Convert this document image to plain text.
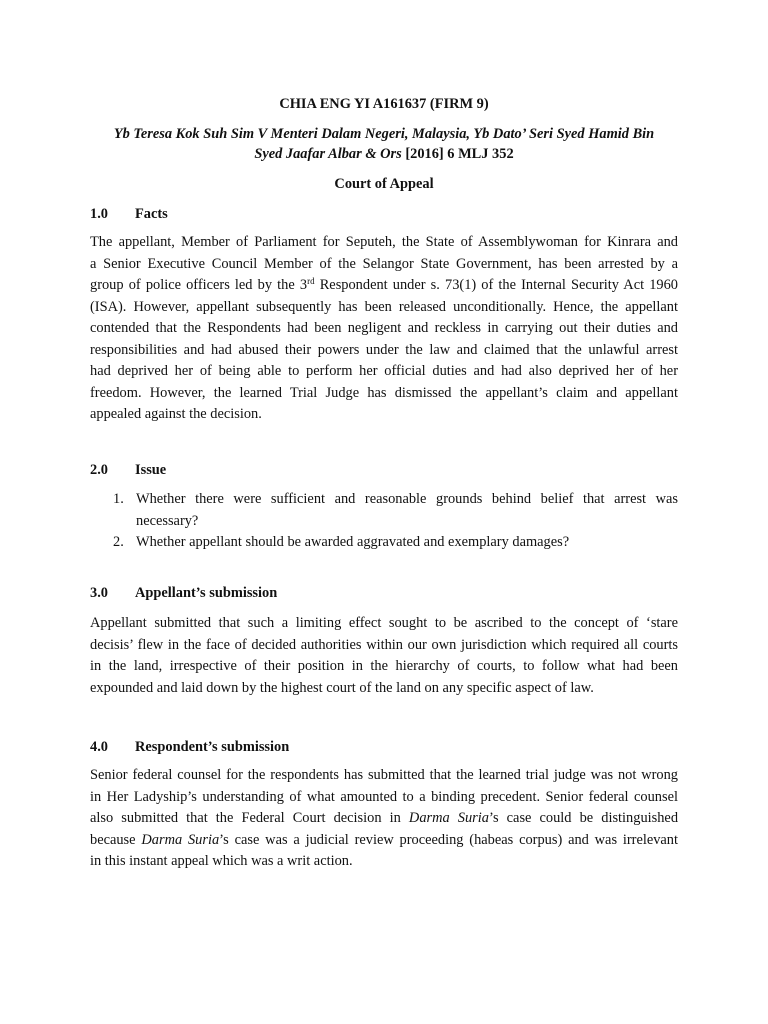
CHIA ENG YI A161637 (FIRM 9)

Yb Teresa Kok Suh Sim V Menteri Dalam Negeri, Malaysia, Yb Dato’ Seri Syed Hamid Bin

Syed Jaafar Albar & Ors [2016] 6 MLJ 352

Court of Appeal

1.0 Facts

The appellant, Member of Parliament for Seputeh, the State of Assemblywoman for Kinrara and
a Senior Executive Council Member of the Selangor State Government, has been arrested by a
group of police officers led by the 3rd Respondent under s. 73(1) of the Internal Security Act 1960
(ISA). However, appellant subsequently has been released unconditionally. Hence, the appellant
contended that the Respondents had been negligent and reckless in carrying out their duties and
responsibilities and had abused their powers under the law and claimed that the unlawful arrest
had deprived her of being able to perform her official duties and had also deprived her of her
freedom. However, the learned Trial Judge has dismissed the appellant’s claim and appellant
appealed against the decision.

2.0 Issue

1. Whether there were sufficient and reasonable grounds behind belief that arrest was necessary?
2. Whether appellant should be awarded aggravated and exemplary damages?

3.0 Appellant’s submission

Appellant submitted that such a limiting effect sought to be ascribed to the concept of ‘stare
decisis’ flew in the face of decided authorities within our own jurisdiction which required all courts
in the land, irrespective of their position in the hierarchy of courts, to follow what had been
expounded and laid down by the highest court of the land on any specific aspect of law.

4.0 Respondent’s submission

Senior federal counsel for the respondents has submitted that the learned trial judge was not wrong
in Her Ladyship’s understanding of what amounted to a binding precedent. Senior federal counsel
also submitted that the Federal Court decision in Darma Suria’s case could be distinguished
because Darma Suria’s case was a judicial review proceeding (habeas corpus) and was irrelevant
in this instant appeal which was a writ action.
